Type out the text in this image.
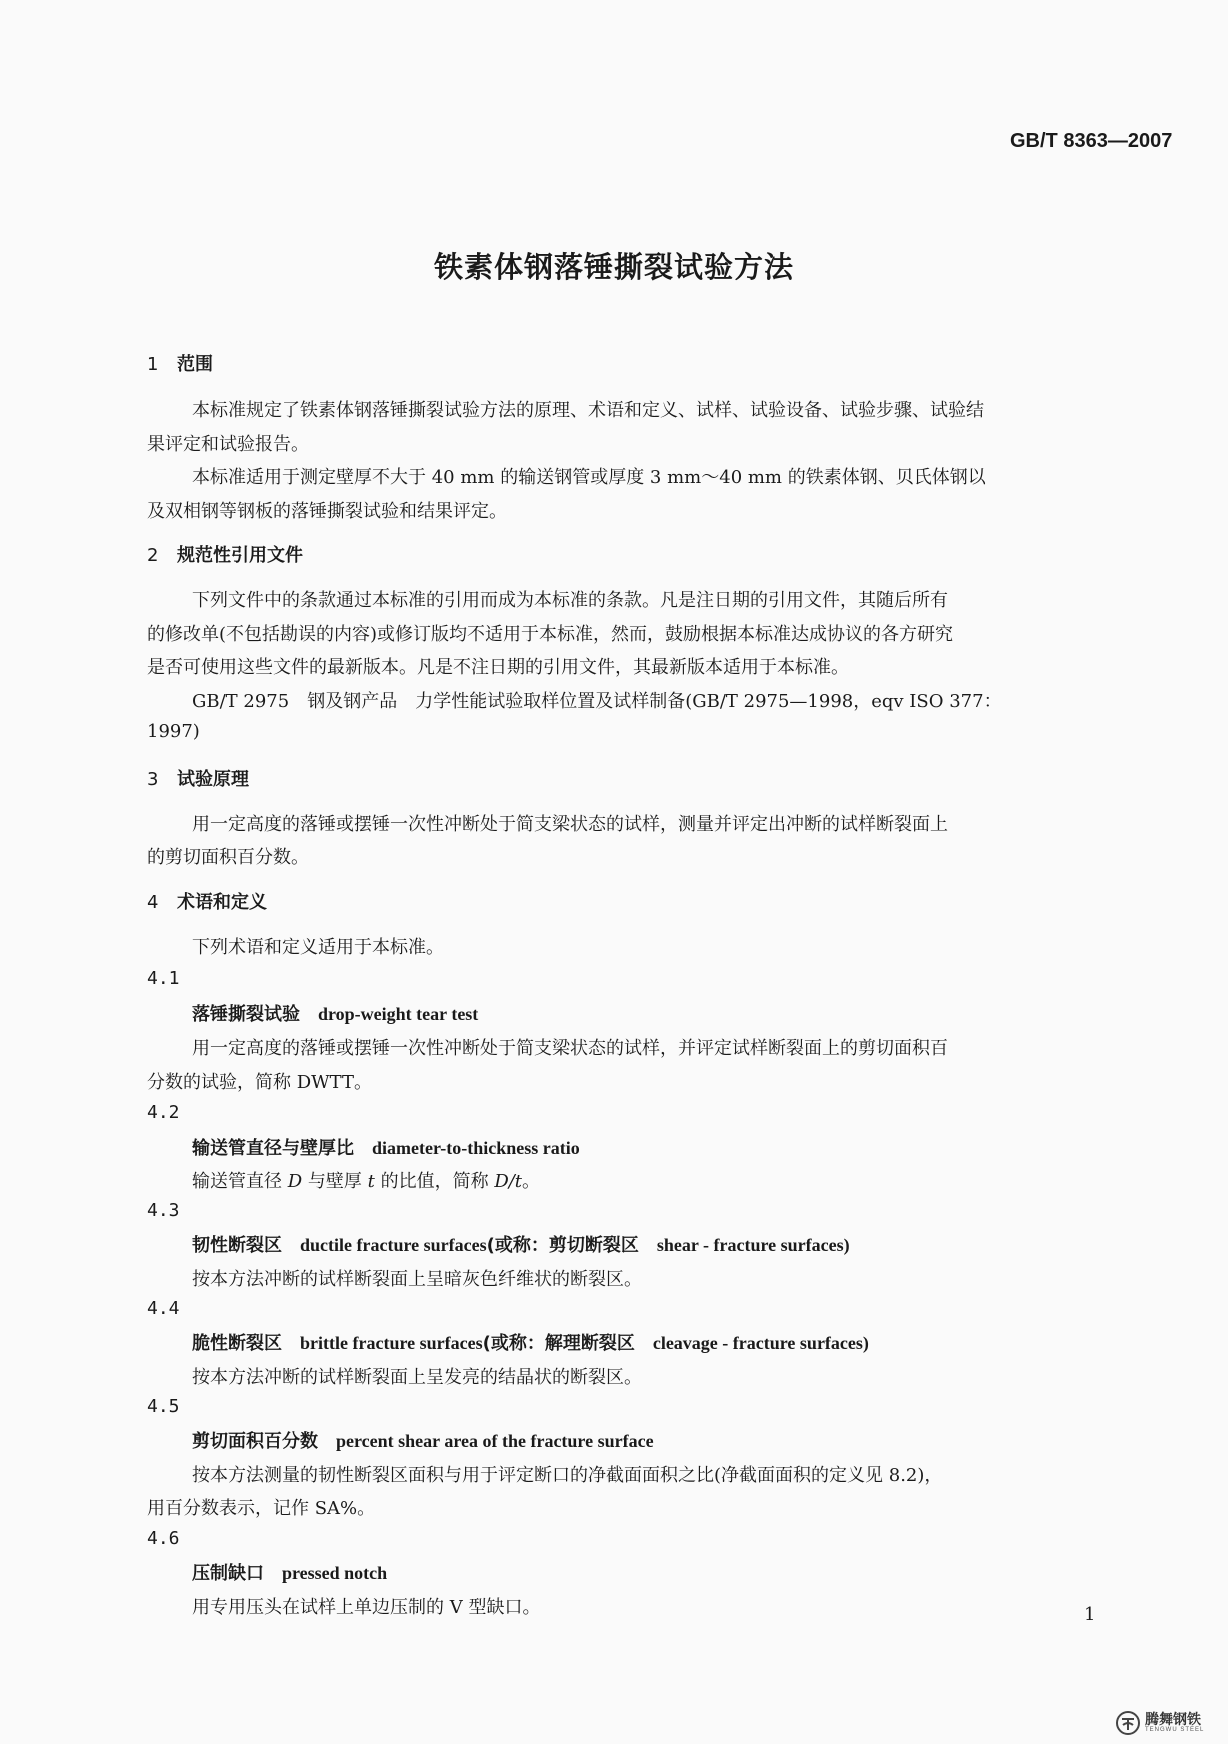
GB/T 8363—2007
铁素体钢落锤撕裂试验方法
1 范围
本标准规定了铁素体钢落锤撕裂试验方法的原理、术语和定义、试样、试验设备、试验步骤、试验结
果评定和试验报告。
本标准适用于测定壁厚不大于 40 mm 的输送钢管或厚度 3 mm～40 mm 的铁素体钢、贝氏体钢以
及双相钢等钢板的落锤撕裂试验和结果评定。
2 规范性引用文件
下列文件中的条款通过本标准的引用而成为本标准的条款。凡是注日期的引用文件，其随后所有
的修改单(不包括勘误的内容)或修订版均不适用于本标准，然而，鼓励根据本标准达成协议的各方研究
是否可使用这些文件的最新版本。凡是不注日期的引用文件，其最新版本适用于本标准。
GB/T 2975　钢及钢产品　力学性能试验取样位置及试样制备(GB/T 2975—1998，eqv ISO 377：
1997)
3 试验原理
用一定高度的落锤或摆锤一次性冲断处于简支梁状态的试样，测量并评定出冲断的试样断裂面上
的剪切面积百分数。
4 术语和定义
下列术语和定义适用于本标准。
4.1
落锤撕裂试验　 drop-weight tear test
用一定高度的落锤或摆锤一次性冲断处于简支梁状态的试样，并评定试样断裂面上的剪切面积百
分数的试验，简称 DWTT。
4.2
输送管直径与壁厚比　 diameter-to-thickness ratio
输送管直径 D 与壁厚 t 的比值，简称 D/t。
4.3
韧性断裂区　 ductile fracture surfaces(或称：剪切断裂区　 shear - fracture surfaces)
按本方法冲断的试样断裂面上呈暗灰色纤维状的断裂区。
4.4
脆性断裂区　 brittle fracture surfaces(或称：解理断裂区　 cleavage - fracture surfaces)
按本方法冲断的试样断裂面上呈发亮的结晶状的断裂区。
4.5
剪切面积百分数　 percent shear area of the fracture surface
按本方法测量的韧性断裂区面积与用于评定断口的净截面面积之比(净截面面积的定义见 8.2)，
用百分数表示，记作 SA%。
4.6
压制缺口　 pressed notch
用专用压头在试样上单边压制的 V 型缺口。	1
腾舞钢铁
TENGWU STEEL
